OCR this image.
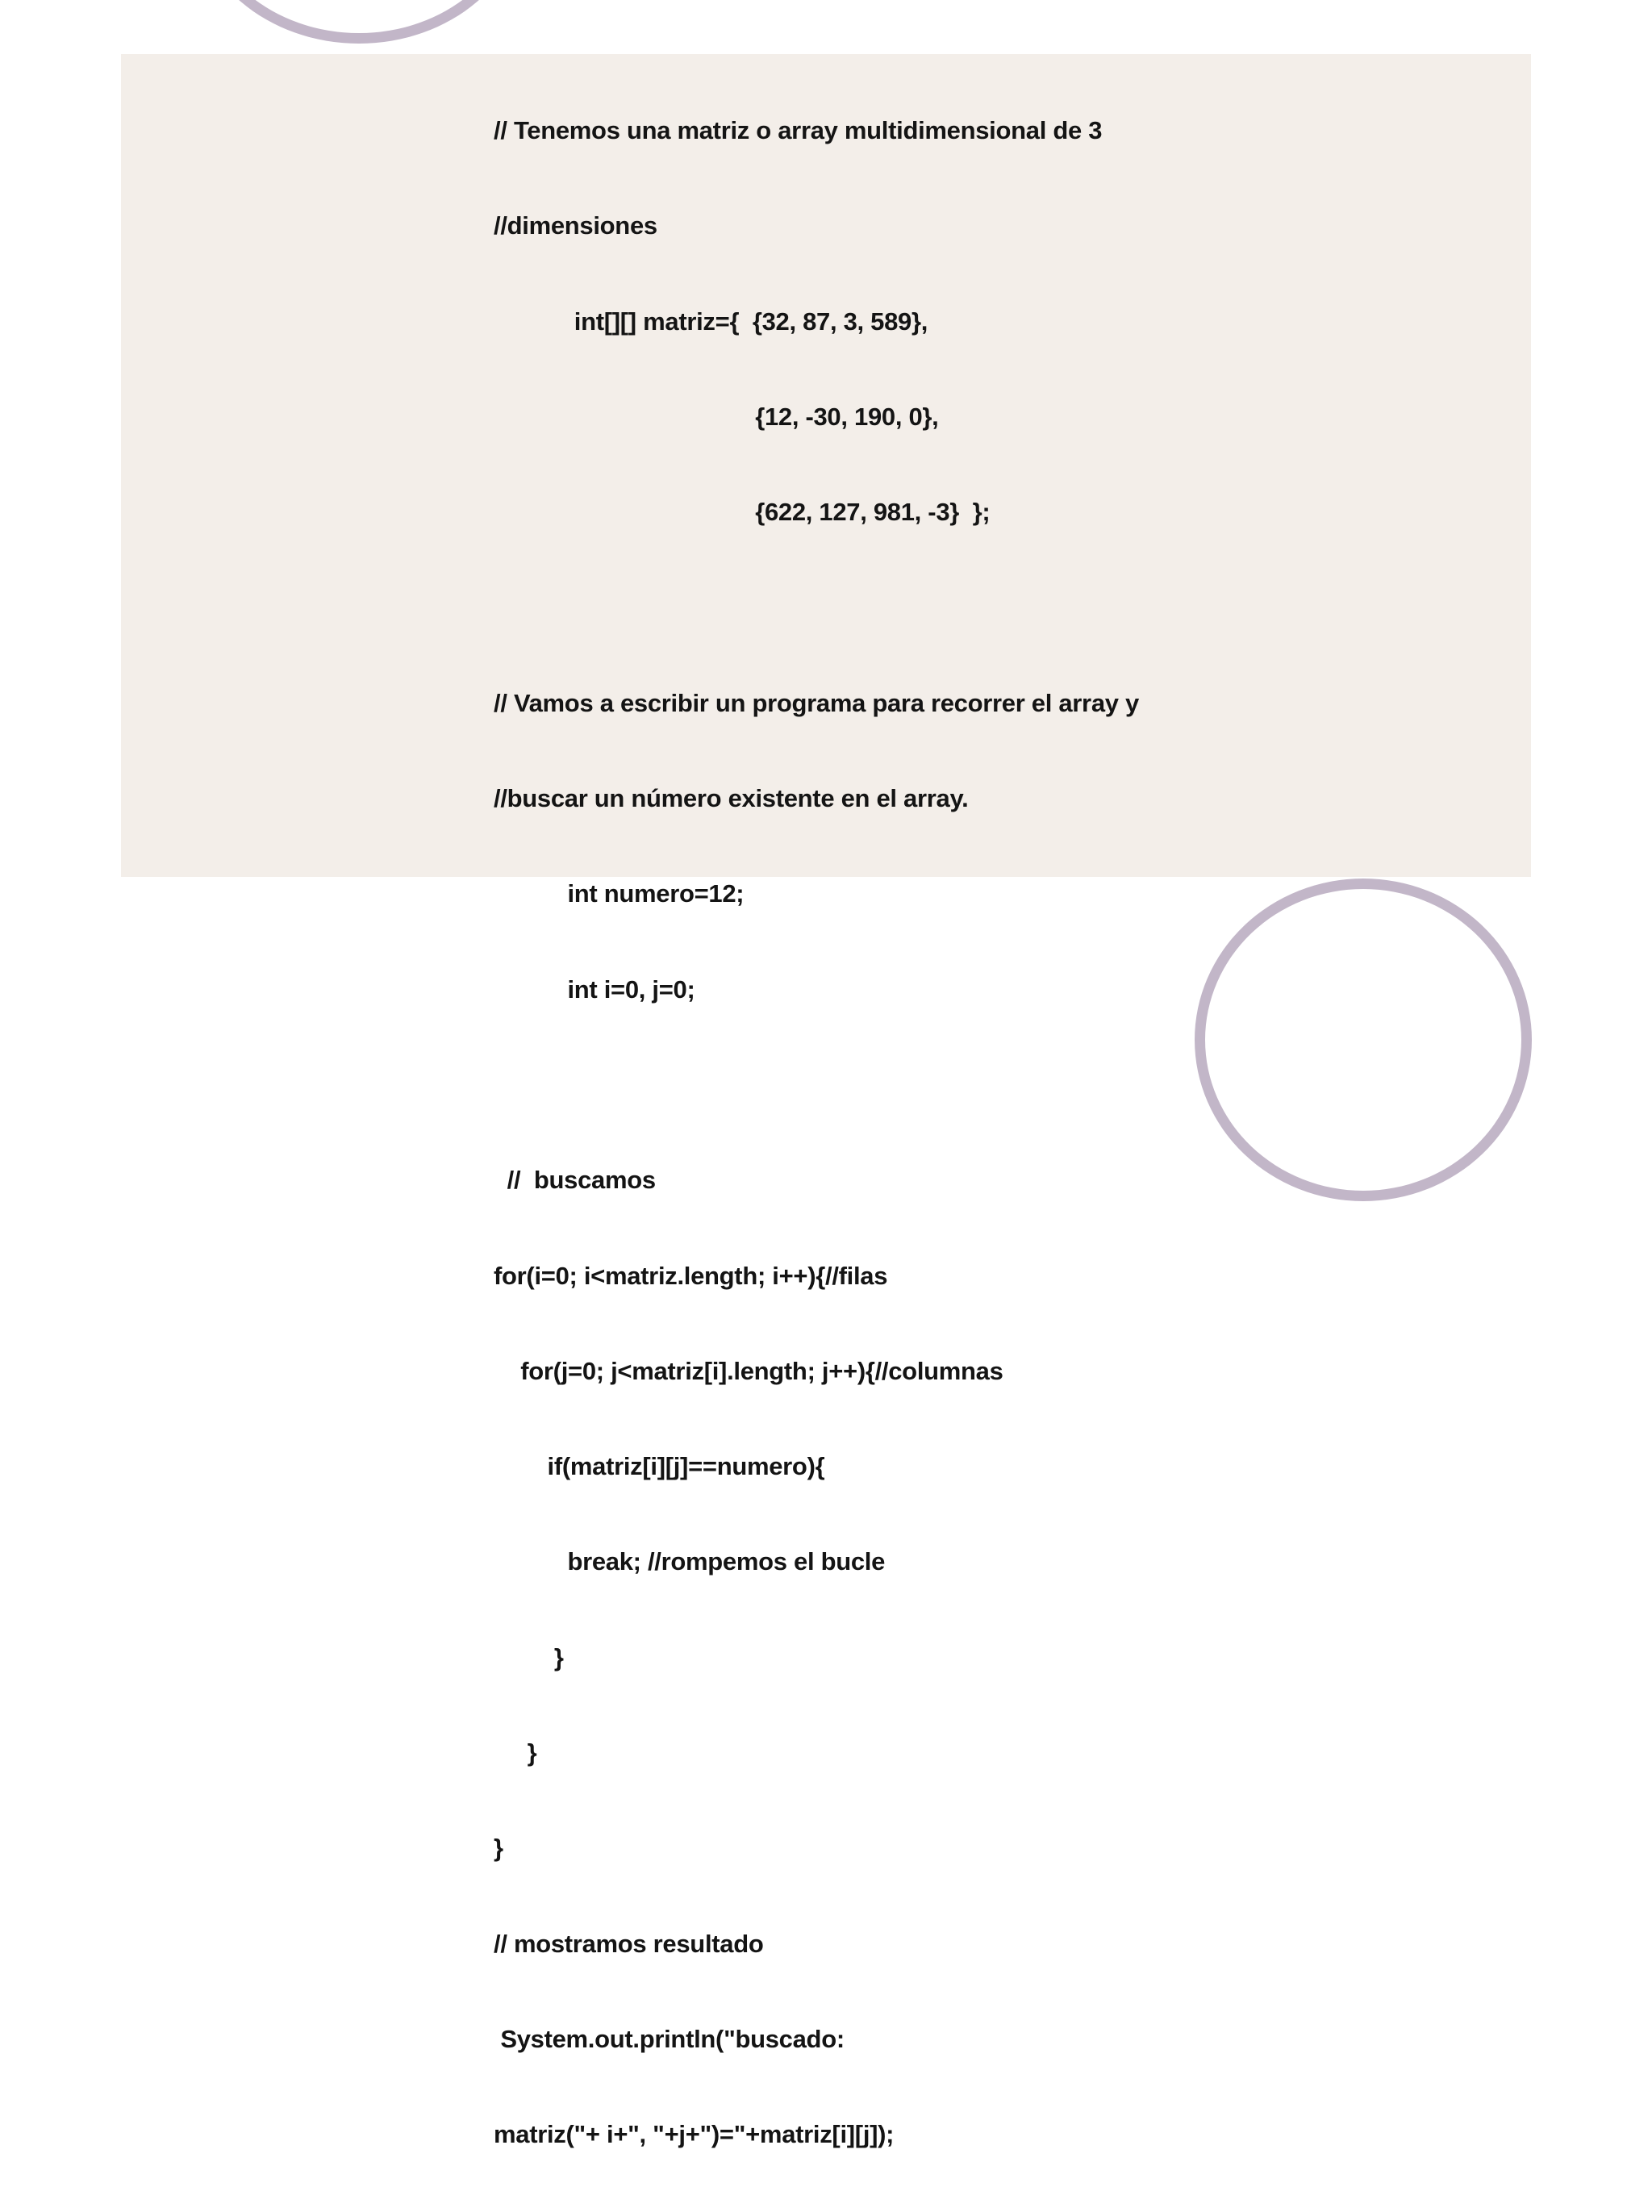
// Tenemos una matriz o array multidimensional de 3

//dimensiones

int[][] matriz={  {32, 87, 3, 589},

{12, -30, 190, 0},

{622, 127, 981, -3}  };

// Vamos a escribir un programa para recorrer el array y

//buscar un número existente en el array.

int numero=12;

int i=0, j=0;

//  buscamos

for(i=0; i<matriz.length; i++){//filas

for(j=0; j<matriz[i].length; j++){//columnas

if(matriz[i][j]==numero){

break; //rompemos el bucle

}

}

}

// mostramos resultado

System.out.println("buscado:

matriz("+ i+", "+j+")="+matriz[i][j]);
